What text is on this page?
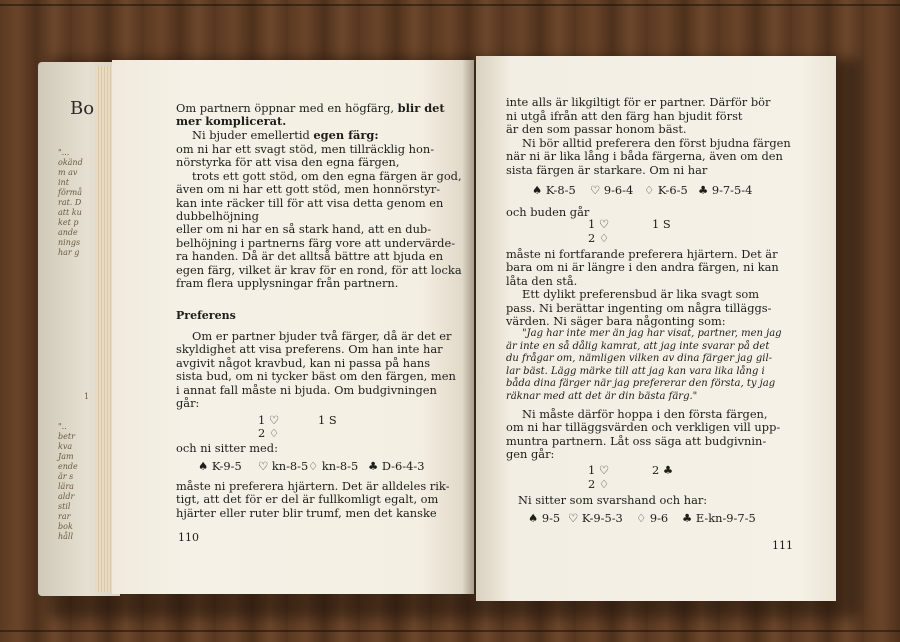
Bo
"...
okänd
m av
int
förmå
rat. D
att ku
ket p
ande
nings
har g
1
"..
betr
kva
Jam
ende
är s
lära
aldr
stil
rar
bok
håll
Om partnern öppnar med en högfärg, blir det
mer komplicerat.
Ni bjuder emellertid egen färg:
om ni har ett svagt stöd, men tillräcklig hon-
nörstyrka för att visa den egna färgen,
trots ett gott stöd, om den egna färgen är god,
även om ni har ett gott stöd, men honnörstyr-
kan inte räcker till för att visa detta genom en
dubbelhöjning
eller om ni har en så stark hand, att en dub-
belhöjning i partnerns färg vore att undervärde-
ra handen. Då är det alltså bättre att bjuda en
egen färg, vilket är krav för en rond, för att locka
fram flera upplysningar från partnern.
Preferens
Om er partner bjuder två färger, då är det er
skyldighet att visa preferens. Om han inte har
avgivit något kravbud, kan ni passa på hans
sista bud, om ni tycker bäst om den färgen, men
i annat fall måste ni bjuda. Om budgivningen
går:
1 ♡	1 S
2 ♢
och ni sitter med:
♠ K-9-5 ♡ kn-8-5 ♢ kn-8-5 ♣ D-6-4-3
måste ni preferera hjärtern. Det är alldeles rik-
tigt, att det för er del är fullkomligt egalt, om
hjärter eller ruter blir trumf, men det kanske
110
inte alls är likgiltigt för er partner. Därför bör
ni utgå ifrån att den färg han bjudit först
är den som passar honom bäst.
Ni bör alltid preferera den först bjudna färgen
när ni är lika lång i båda färgerna, även om den
sista färgen är starkare. Om ni har
♠ K-8-5 ♡ 9-6-4 ♢ K-6-5 ♣ 9-7-5-4
och buden går
1 ♡	1 S
2 ♢
måste ni fortfarande preferera hjärtern. Det är
bara om ni är längre i den andra färgen, ni kan
låta den stå.
Ett dylikt preferensbud är lika svagt som
pass. Ni berättar ingenting om några tilläggs-
värden. Ni säger bara någonting som:
"Jag har inte mer än jag har visat, partner, men jag
är inte en så dålig kamrat, att jag inte svarar på det
du frågar om, nämligen vilken av dina färger jag gil-
lar bäst. Lägg märke till att jag kan vara lika lång i
båda dina färger när jag prefererar den första, ty jag
räknar med att det är din bästa färg."
Ni måste därför hoppa i den första färgen,
om ni har tilläggsvärden och verkligen vill upp-
muntra partnern. Låt oss säga att budgivnin-
gen går:
1 ♡	2 ♣
2 ♢
Ni sitter som svarshand och har:
♠ 9-5 ♡ K-9-5-3 ♢ 9-6 ♣ E-kn-9-7-5
111
